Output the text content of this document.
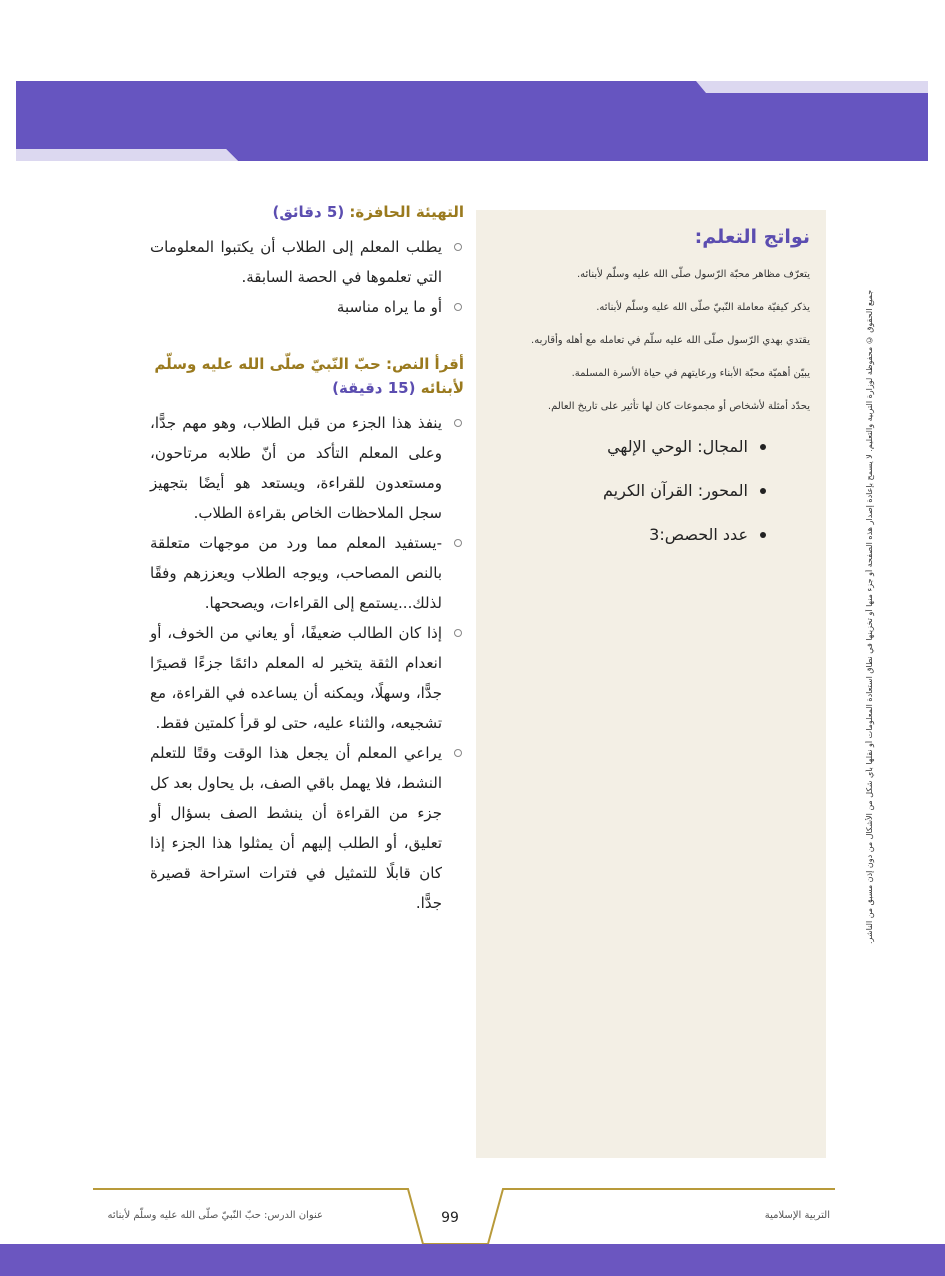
جميع الحقوق © محفوظة لوزارة التربية والتعليم. لا يسمح بإعادة إصدار هذه الصفحة أو جزء منها أو تخزينها في نطاق استعادة المعلومات أو نقلها بأي شكل من الأشكال من دون إذن مسبق من الناشر.
نواتج التعلم:
يتعرّف مظاهر محبّة الرّسول صلّى الله عليه وسلّم لأبنائه.
يذكر كيفيّة معاملة النّبيّ صلّى الله عليه وسلّم لأبنائه.
يقتدي بهدي الرّسول صلّى الله عليه سلّم في تعامله مع أهله وأقاربه.
يبيّن أهميّة محبّة الأبناء ورعايتهم في حياة الأسرة المسلمة.
يحدّد أمثلة لأشخاص أو مجموعات كان لها تأثير على تاريخ العالم.
المجال: الوحي الإلهي
المحور: القرآن الكريم
عدد الحصص:3
التهيئة الحافزة: (5 دقائق)
يطلب المعلم إلى الطلاب أن يكتبوا المعلومات التي تعلموها في الحصة السابقة.
أو ما يراه مناسبة
أقرأ النص: حبّ النّبيّ صلّى الله عليه وسلّم لأبنائه (15 دقيقة)
ينفذ هذا الجزء من قبل الطلاب، وهو مهم جدًّا، وعلى المعلم التأكد من أنّ طلابه مرتاحون، ومستعدون للقراءة، ويستعد هو أيضًا بتجهيز سجل الملاحظات الخاص بقراءة الطلاب.
-يستفيد المعلم مما ورد من موجهات متعلقة بالنص المصاحب، ويوجه الطلاب ويعززهم وفقًا لذلك...يستمع إلى القراءات، ويصححها.
إذا كان الطالب ضعيفًا، أو يعاني من الخوف، أو انعدام الثقة يتخير له المعلم دائمًا جزءًا قصيرًا جدًّا، وسهلًا، ويمكنه أن يساعده في القراءة، مع تشجيعه، والثناء عليه، حتى لو قرأ كلمتين فقط.
يراعي المعلم أن يجعل هذا الوقت وقتًا للتعلم النشط، فلا يهمل باقي الصف، بل يحاول بعد كل جزء من القراءة أن ينشط الصف بسؤال أو تعليق، أو الطلب إليهم أن يمثلوا هذا الجزء إذا كان قابلًا للتمثيل في فترات استراحة قصيرة جدًّا.
عنوان الدرس: حبّ النّبيّ صلّى الله عليه وسلّم لأبنائه	99	التربية الإسلامية
